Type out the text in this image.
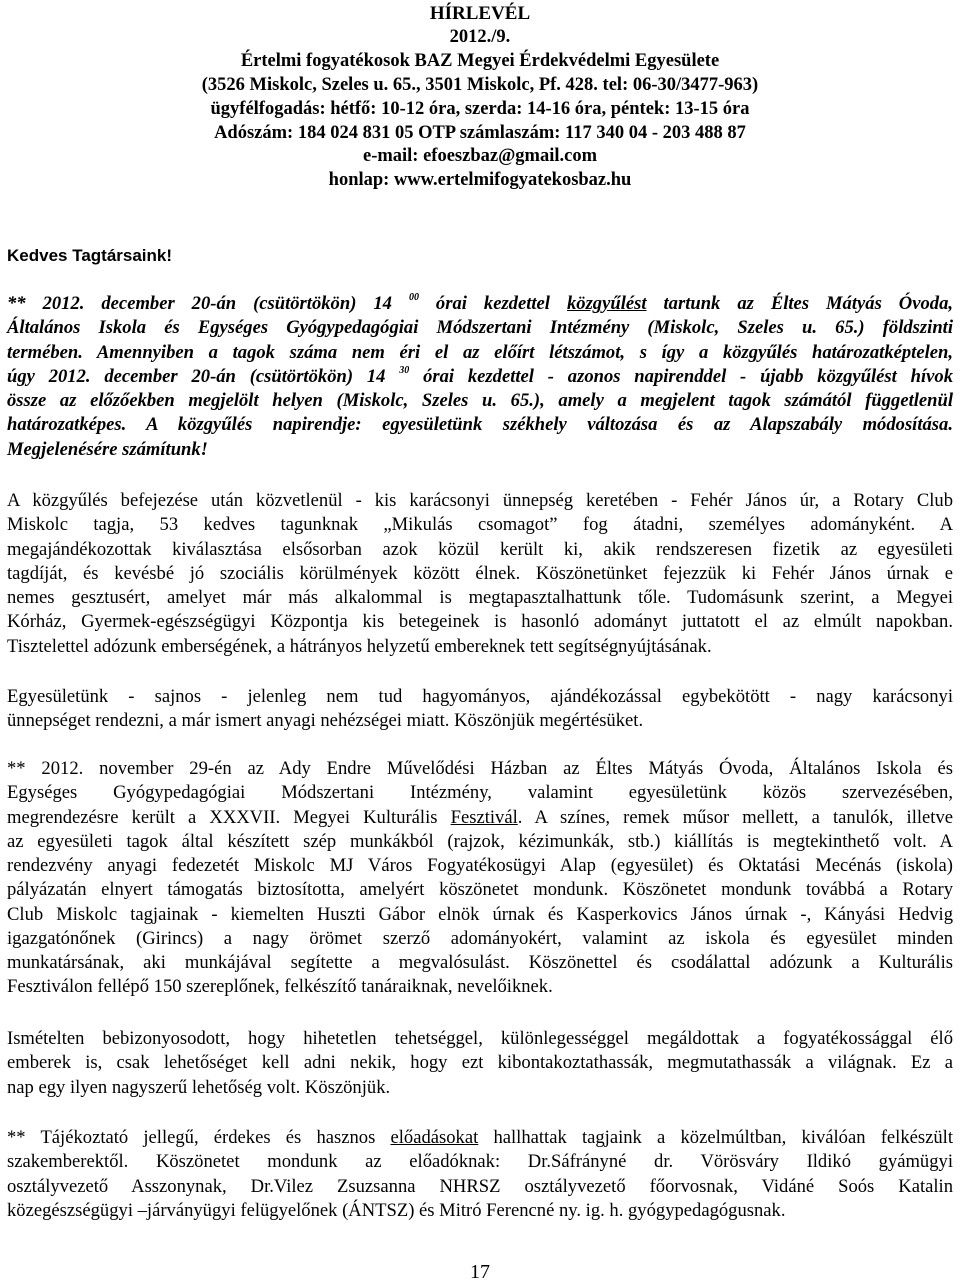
HÍRLEVÉL
2012./9.
Értelmi fogyatékosok BAZ Megyei Érdekvédelmi Egyesülete
(3526 Miskolc, Szeles u. 65., 3501 Miskolc, Pf. 428. tel: 06-30/3477-963)
ügyfélfogadás: hétfő: 10-12 óra, szerda: 14-16 óra, péntek: 13-15 óra
Adószám: 184 024 831 05 OTP számlaszám: 117 340 04 - 203 488 87
e-mail: efoeszbaz@gmail.com
honlap: www.ertelmifogyatekosbaz.hu
Kedves Tagtársaink!
** 2012. december 20-án (csütörtökön) 14 $^{00}$ órai kezdettel közgyűlést tartunk az Éltes Mátyás Óvoda,
Általános Iskola és Egységes Gyógypedagógiai Módszertani Intézmény (Miskolc, Szeles u. 65.) földszinti
termében. Amennyiben a tagok száma nem éri el az előírt létszámot, s így a közgyűlés határozatképtelen,
úgy 2012. december 20-án (csütörtökön) 14 $^{30}$ órai kezdettel - azonos napirenddel - újabb közgyűlést hívok
össze az előzőekben megjelölt helyen (Miskolc, Szeles u. 65.), amely a megjelent tagok számától függetlenül
határozatképes. A közgyűlés napirendje: egyesületünk székhely változása és az Alapszabály módosítása.
Megjelenésére számítunk!
A közgyűlés befejezése után közvetlenül - kis karácsonyi ünnepség keretében - Fehér János úr, a Rotary Club
Miskolc tagja, 53 kedves tagunknak „Mikulás csomagot” fog átadni, személyes adományként. A
megajándékozottak kiválasztása elsősorban azok közül került ki, akik rendszeresen fizetik az egyesületi
tagdíját, és kevésbé jó szociális körülmények között élnek. Köszönetünket fejezzük ki Fehér János úrnak e
nemes gesztusért, amelyet már más alkalommal is megtapasztalhattunk tőle. Tudomásunk szerint, a Megyei
Kórház, Gyermek-egészségügyi Központja kis betegeinek is hasonló adományt juttatott el az elmúlt napokban.
Tisztelettel adózunk emberségének, a hátrányos helyzetű embereknek tett segítségnyújtásának.
Egyesületünk - sajnos - jelenleg nem tud hagyományos, ajándékozással egybekötött - nagy karácsonyi
ünnepséget rendezni, a már ismert anyagi nehézségei miatt. Köszönjük megértésüket.
** 2012. november 29-én az Ady Endre Művelődési Házban az Éltes Mátyás Óvoda, Általános Iskola és
Egységes Gyógypedagógiai Módszertani Intézmény, valamint egyesületünk közös szervezésében,
megrendezésre került a XXXVII. Megyei Kulturális Fesztivál. A színes, remek műsor mellett, a tanulók, illetve
az egyesületi tagok által készített szép munkákból (rajzok, kézimunkák, stb.) kiállítás is megtekinthető volt. A
rendezvény anyagi fedezetét Miskolc MJ Város Fogyatékosügyi Alap (egyesület) és Oktatási Mecénás (iskola)
pályázatán elnyert támogatás biztosította, amelyért köszönetet mondunk. Köszönetet mondunk továbbá a Rotary
Club Miskolc tagjainak - kiemelten Huszti Gábor elnök úrnak és Kasperkovics János úrnak -, Kányási Hedvig
igazgatónőnek (Girincs) a nagy örömet szerző adományokért, valamint az iskola és egyesület minden
munkatársának, aki munkájával segítette a megvalósulást. Köszönettel és csodálattal adózunk a Kulturális
Fesztiválon fellépő 150 szereplőnek, felkészítő tanáraiknak, nevelőiknek.
Ismételten bebizonyosodott, hogy hihetetlen tehetséggel, különlegességgel megáldottak a fogyatékossággal élő
emberek is, csak lehetőséget kell adni nekik, hogy ezt kibontakoztathassák, megmutathassák a világnak. Ez a
nap egy ilyen nagyszerű lehetőség volt. Köszönjük.
** Tájékoztató jellegű, érdekes és hasznos előadásokat hallhattak tagjaink a közelmúltban, kiválóan felkészült
szakemberektől. Köszönetet mondunk az előadóknak: Dr.Sáfrányné dr. Vörösváry Ildikó gyámügyi
osztályvezető Asszonynak, Dr.Vilez Zsuzsanna NHRSZ osztályvezető főorvosnak, Vidáné Soós Katalin
közegészségügyi –járványügyi felügyelőnek (ÁNTSZ) és Mitró Ferencné ny. ig. h. gyógypedagógusnak.
17
